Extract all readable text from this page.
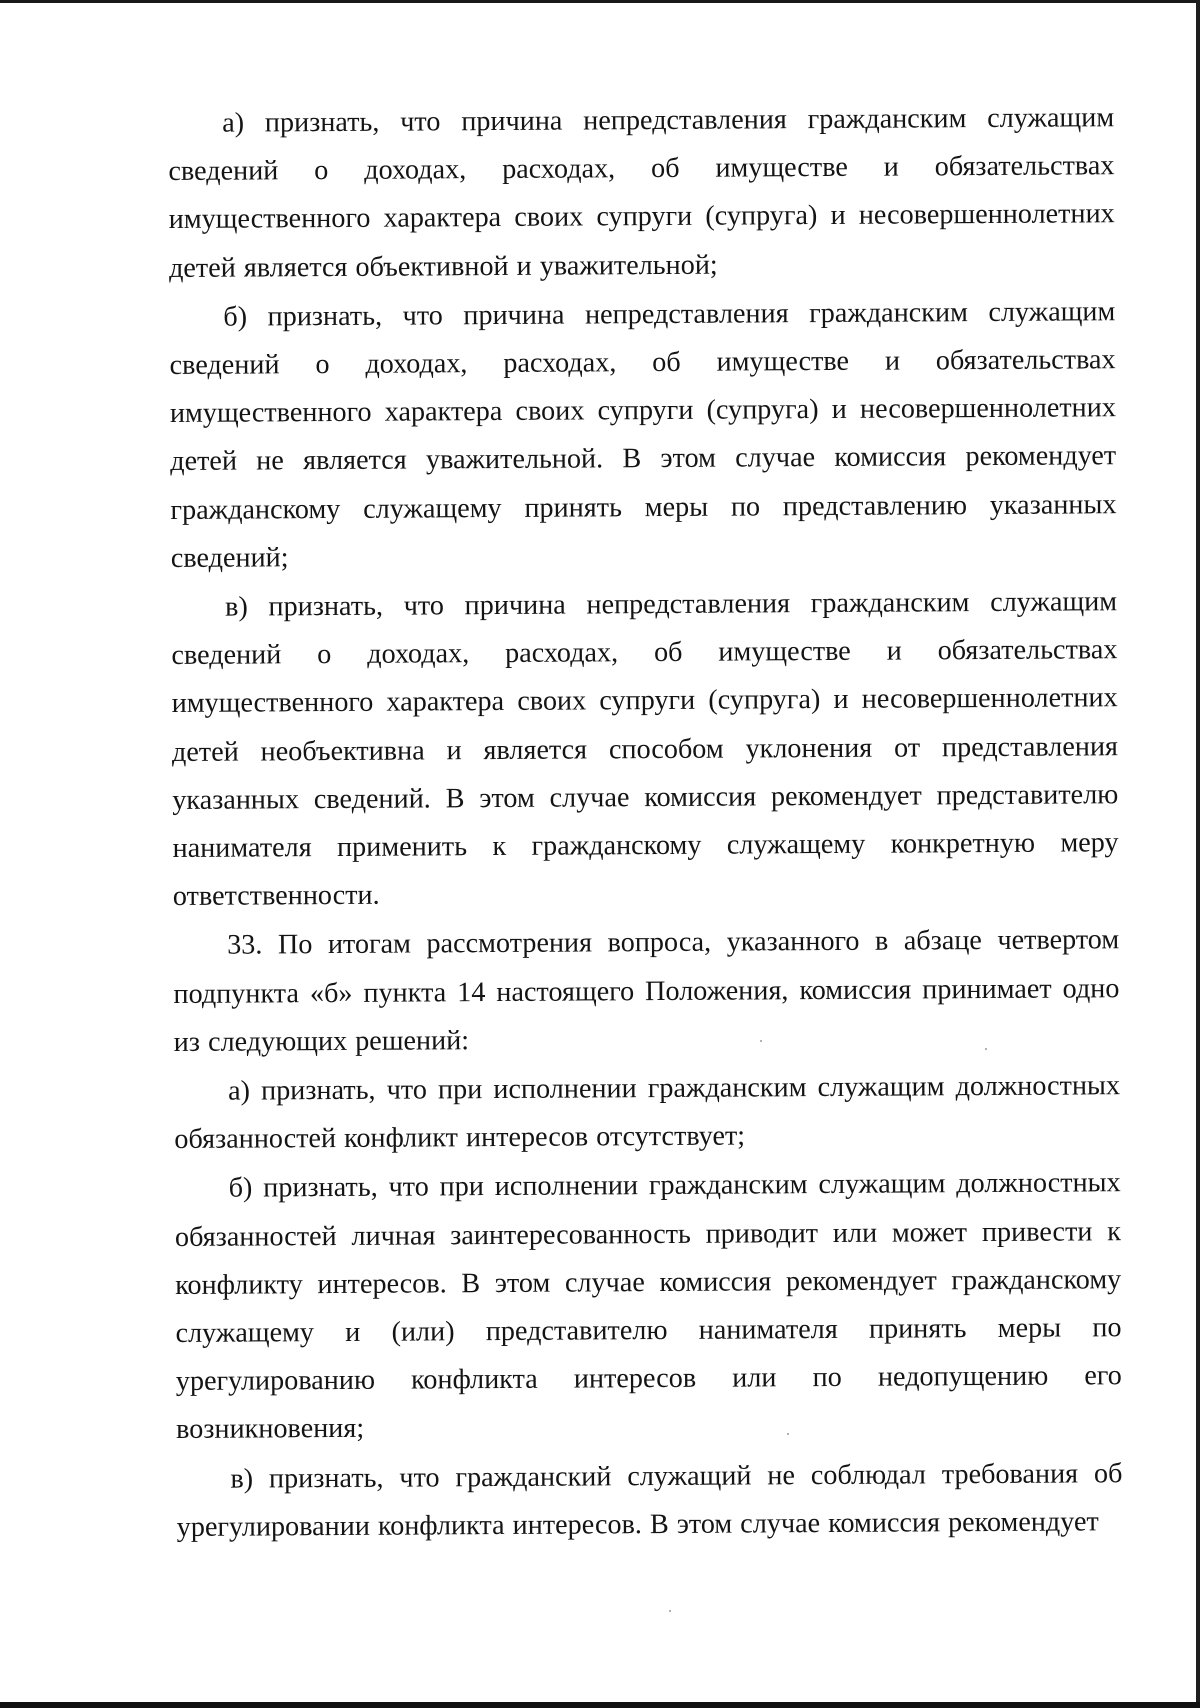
а) признать, что причина непредставления гражданским служащим сведений о доходах, расходах, об имуществе и обязательствах имущественного характера своих супруги (супруга) и несовершеннолетних детей является объективной и уважительной;

б) признать, что причина непредставления гражданским служащим сведений о доходах, расходах, об имуществе и обязательствах имущественного характера своих супруги (супруга) и несовершеннолетних детей не является уважительной. В этом случае комиссия рекомендует гражданскому служащему принять меры по представлению указанных сведений;

в) признать, что причина непредставления гражданским служащим сведений о доходах, расходах, об имуществе и обязательствах имущественного характера своих супруги (супруга) и несовершеннолетних детей необъективна и является способом уклонения от представления указанных сведений. В этом случае комиссия рекомендует представителю нанимателя применить к гражданскому служащему конкретную меру ответственности.

33. По итогам рассмотрения вопроса, указанного в абзаце четвертом подпункта «б» пункта 14 настоящего Положения, комиссия принимает одно из следующих решений:

а) признать, что при исполнении гражданским служащим должностных обязанностей конфликт интересов отсутствует;

б) признать, что при исполнении гражданским служащим должностных обязанностей личная заинтересованность приводит или может привести к конфликту интересов. В этом случае комиссия рекомендует гражданскому служащему и (или) представителю нанимателя принять меры по урегулированию конфликта интересов или по недопущению его возникновения;

в) признать, что гражданский служащий не соблюдал требования об урегулировании конфликта интересов. В этом случае комиссия рекомендует
